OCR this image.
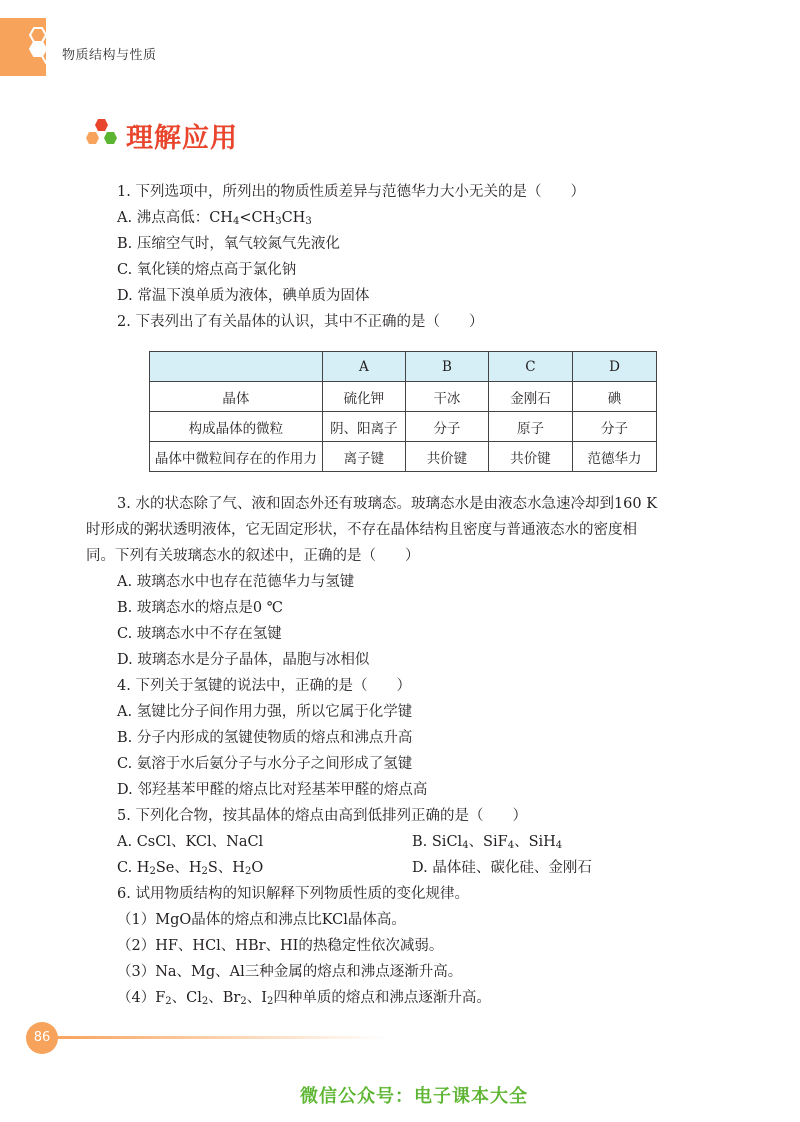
物质结构与性质
理解应用
1. 下列选项中，所列出的物质性质差异与范德华力大小无关的是（　　）
A. 沸点高低：$CH_4<CH_3CH_3$
B. 压缩空气时，氧气较氮气先液化
C. 氧化镁的熔点高于氯化钠
D. 常温下溴单质为液体，碘单质为固体
2. 下表列出了有关晶体的认识，其中不正确的是（　　）
	A	B	C	D
晶体	硫化钾	干冰	金刚石	碘
构成晶体的微粒	阴、阳离子	分子	原子	分子
晶体中微粒间存在的作用力	离子键	共价键	共价键	范德华力
3. 水的状态除了气、液和固态外还有玻璃态。玻璃态水是由液态水急速冷却到160 K
时形成的粥状透明液体，它无固定形状，不存在晶体结构且密度与普通液态水的密度相
同。下列有关玻璃态水的叙述中，正确的是（　　）
A. 玻璃态水中也存在范德华力与氢键
B. 玻璃态水的熔点是0 ℃
C. 玻璃态水中不存在氢键
D. 玻璃态水是分子晶体，晶胞与冰相似
4. 下列关于氢键的说法中，正确的是（　　）
A. 氢键比分子间作用力强，所以它属于化学键
B. 分子内形成的氢键使物质的熔点和沸点升高
C. 氨溶于水后氨分子与水分子之间形成了氢键
D. 邻羟基苯甲醛的熔点比对羟基苯甲醛的熔点高
5. 下列化合物，按其晶体的熔点由高到低排列正确的是（　　）
A. CsCl、KCl、NaCl	B. SiCl$_4$、SiF$_4$、SiH$_4$
C. $H_2Se$、$H_2S$、$H_2O$	D. 晶体硅、碳化硅、金刚石
6. 试用物质结构的知识解释下列物质性质的变化规律。
（1）MgO晶体的熔点和沸点比KCl晶体高。
（2）HF、HCl、HBr、HI的热稳定性依次减弱。
（3）Na、Mg、Al三种金属的熔点和沸点逐渐升高。
$(4)F_2$、$Cl_2$、$Br_2$、$I_2$四种单质的熔点和沸点逐渐升高。
86
微信公众号：电子课本大全
